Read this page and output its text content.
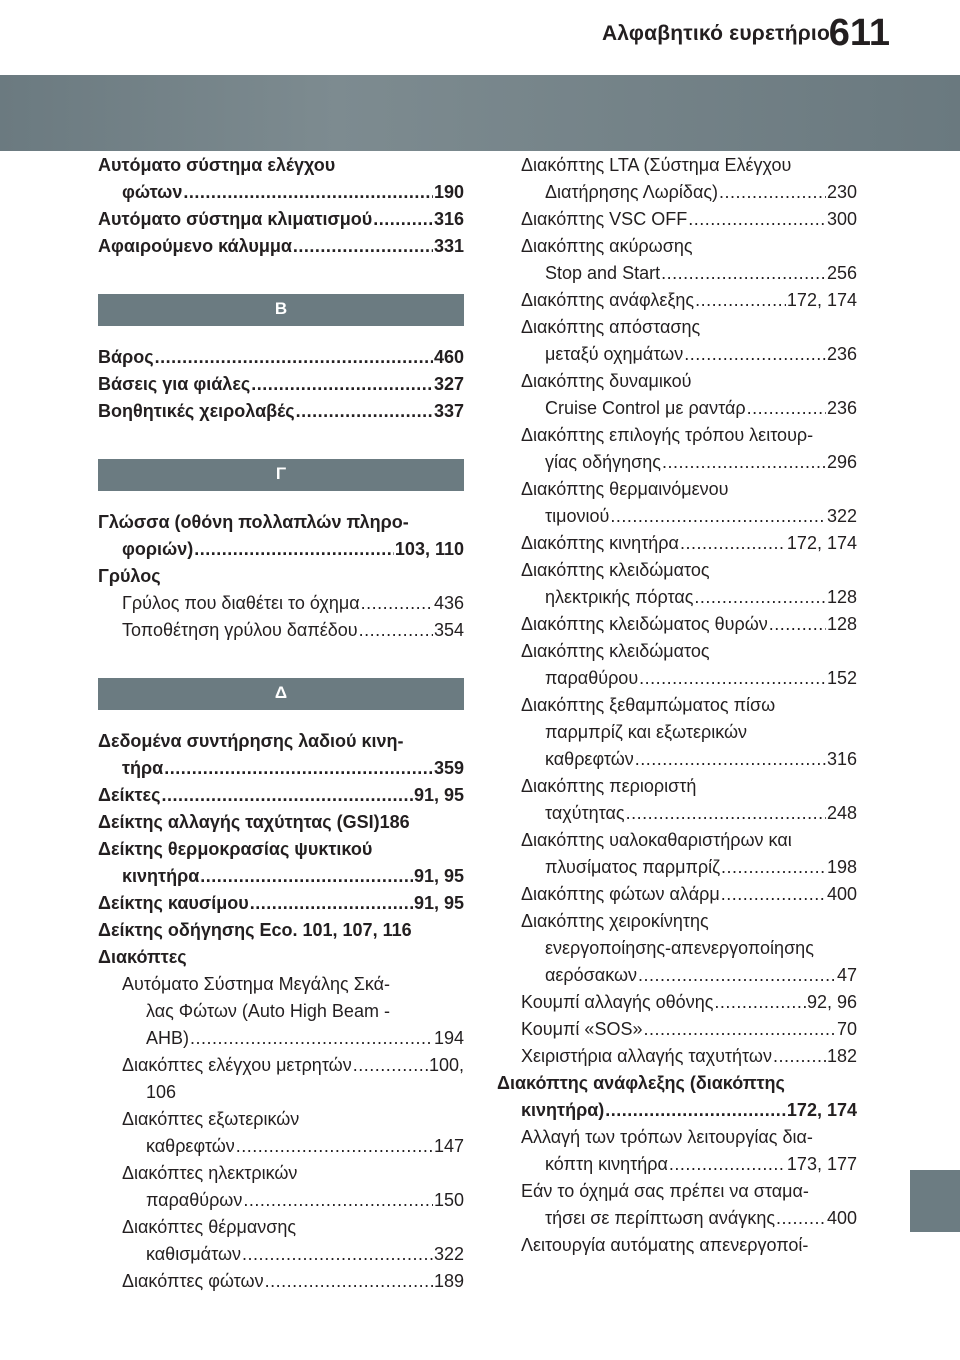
Αλφαβητικό ευρετήριο
611
Αυτόματο σύστημα ελέγχου
φώτων .....	190
Αυτόματο σύστημα κλιματισμού .....	316
Αφαιρούμενο κάλυμμα .....	331
Β
Βάρος .....	460
Βάσεις για φιάλες .....	327
Βοηθητικές χειρολαβές .....	337
Γ
Γλώσσα (οθόνη πολλαπλών πληρο-
φοριών) .....	103, 110
Γρύλος
Γρύλος που διαθέτει το όχημα .....	436
Τοποθέτηση γρύλου δαπέδου .....	354
Δ
Δεδομένα συντήρησης λαδιού κινη-
τήρα .....	359
Δείκτες .....	91, 95
Δείκτης αλλαγής ταχύτητας (GSI)186
Δείκτης θερμοκρασίας ψυκτικού
κινητήρα .....	91, 95
Δείκτης καυσίμου .....	91, 95
Δείκτης οδήγησης Eco. 101, 107, 116
Διακόπτες
Αυτόματο Σύστημα Μεγάλης Σκά-
λας Φώτων (Auto High Beam -
AHB) .....	194
Διακόπτες ελέγχου μετρητών .....	100,
106
Διακόπτες εξωτερικών
καθρεφτών .....	147
Διακόπτες ηλεκτρικών
παραθύρων .....	150
Διακόπτες θέρμανσης
καθισμάτων .....	322
Διακόπτες φώτων .....	189
Διακόπτης LTA (Σύστημα Ελέγχου
Διατήρησης Λωρίδας) .....	230
Διακόπτης VSC OFF .....	300
Διακόπτης ακύρωσης
Stop and Start .....	256
Διακόπτης ανάφλεξης .....	172, 174
Διακόπτης απόστασης
μεταξύ οχημάτων .....	236
Διακόπτης δυναμικού
Cruise Control με ραντάρ .....	236
Διακόπτης επιλογής τρόπου λειτουρ-
γίας οδήγησης .....	296
Διακόπτης θερμαινόμενου
τιμονιού .....	322
Διακόπτης κινητήρα .....	172, 174
Διακόπτης κλειδώματος
ηλεκτρικής πόρτας .....	128
Διακόπτης κλειδώματος θυρών .....	128
Διακόπτης κλειδώματος
παραθύρου .....	152
Διακόπτης ξεθαμπώματος πίσω
παρμπρίζ και εξωτερικών
καθρεφτών .....	316
Διακόπτης περιοριστή
ταχύτητας .....	248
Διακόπτης υαλοκαθαριστήρων και
πλυσίματος παρμπρίζ .....	198
Διακόπτης φώτων αλάρμ .....	400
Διακόπτης χειροκίνητης
ενεργοποίησης-απενεργοποίησης
αερόσακων .....	47
Κουμπί αλλαγής οθόνης .....	92, 96
Κουμπί «SOS» .....	70
Χειριστήρια αλλαγής ταχυτήτων .....	182
Διακόπτης ανάφλεξης (διακόπτης
κινητήρα) .....	172, 174
Αλλαγή των τρόπων λειτουργίας δια-
κόπτη κινητήρα .....	173, 177
Εάν το όχημά σας πρέπει να σταμα-
τήσει σε περίπτωση ανάγκης .....	400
Λειτουργία αυτόματης απενεργοποί-
